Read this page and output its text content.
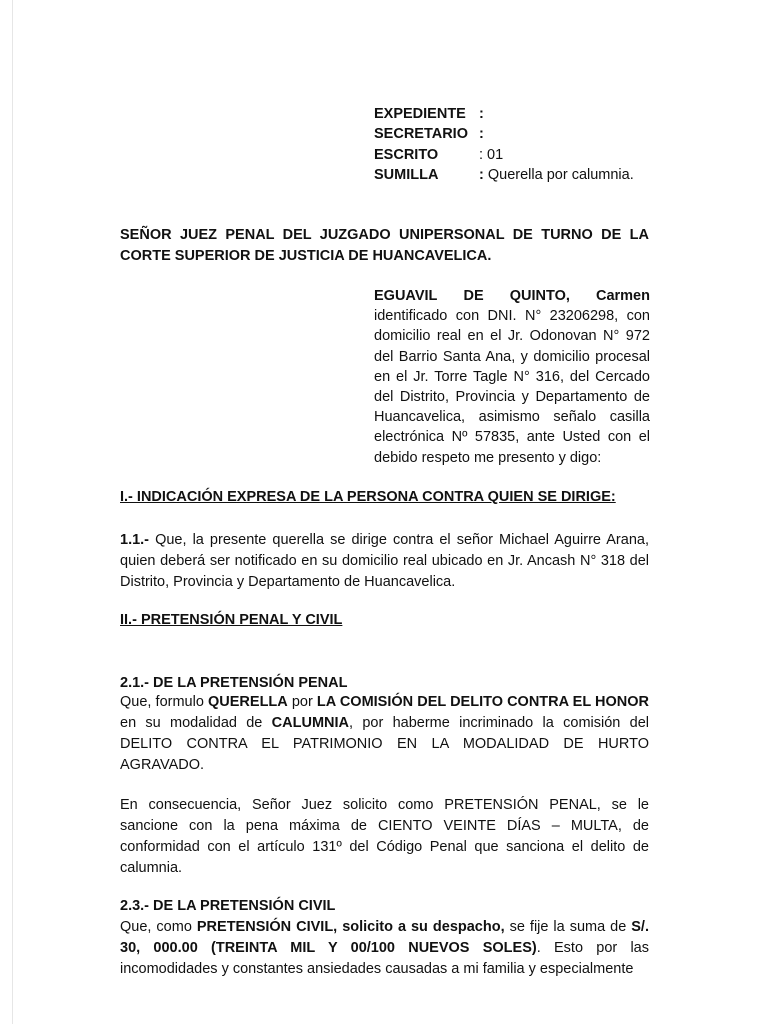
EXPEDIENTE :
SECRETARIO :
ESCRITO	: 01
SUMILLA	: Querella por calumnia.
SEÑOR JUEZ PENAL DEL JUZGADO UNIPERSONAL DE TURNO DE LA CORTE SUPERIOR DE JUSTICIA DE HUANCAVELICA.
EGUAVIL DE QUINTO, Carmen
identificado con DNI. N° 23206298, con domicilio real en el Jr. Odonovan N° 972 del Barrio Santa Ana, y domicilio procesal en el Jr. Torre Tagle N° 316, del Cercado del Distrito, Provincia y Departamento de Huancavelica, asimismo señalo casilla electrónica Nº 57835, ante Usted con el debido respeto me presento y digo:
I.- INDICACIÓN EXPRESA DE LA PERSONA CONTRA QUIEN SE DIRIGE:
1.1.- Que, la presente querella se dirige contra el señor Michael Aguirre Arana, quien deberá ser notificado en su domicilio real ubicado en Jr. Ancash N° 318 del Distrito, Provincia y Departamento de Huancavelica.
II.- PRETENSIÓN PENAL Y CIVIL
2.1.- DE LA PRETENSIÓN PENAL
Que, formulo QUERELLA por LA COMISIÓN DEL DELITO CONTRA EL HONOR en su modalidad de CALUMNIA, por haberme incriminado la comisión del DELITO CONTRA EL PATRIMONIO EN LA MODALIDAD DE HURTO AGRAVADO.
En consecuencia, Señor Juez solicito como PRETENSIÓN PENAL, se le sancione con la pena máxima de CIENTO VEINTE DÍAS – MULTA, de conformidad con el artículo 131º del Código Penal que sanciona el delito de calumnia.
2.3.- DE LA PRETENSIÓN CIVIL
Que, como PRETENSIÓN CIVIL, solicito a su despacho, se fije la suma de S/. 30, 000.00 (TREINTA MIL Y 00/100 NUEVOS SOLES). Esto por las incomodidades y constantes ansiedades causadas a mi familia y especialmente
